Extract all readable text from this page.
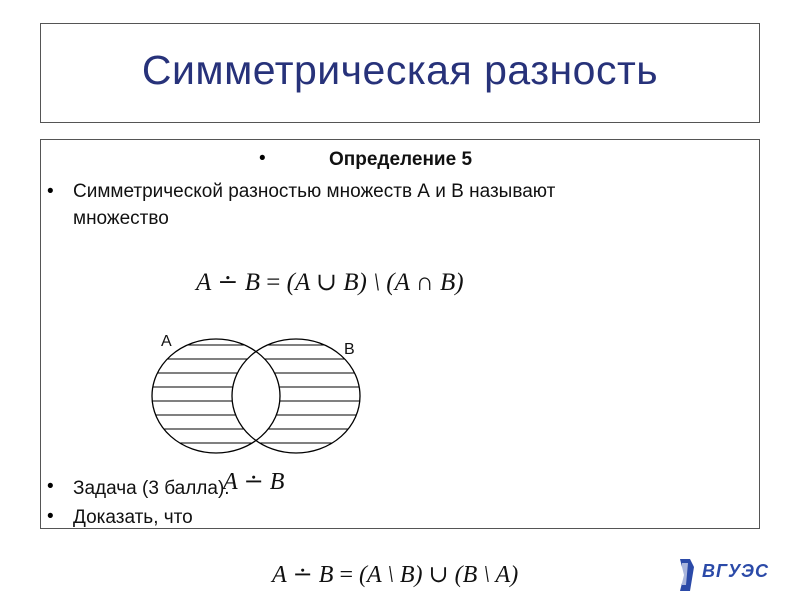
Симметрическая разность
•	Определение 5
• Симметрической разностью множеств А и В называют
множество
A ∸ B = (A ∪ B) \ (A ∩ B)
A	B
• Задача (3 балла).
A ∸ B
• Доказать, что
A ∸ B = (A \ B) ∪ (B \ A)	ВГУЭС
